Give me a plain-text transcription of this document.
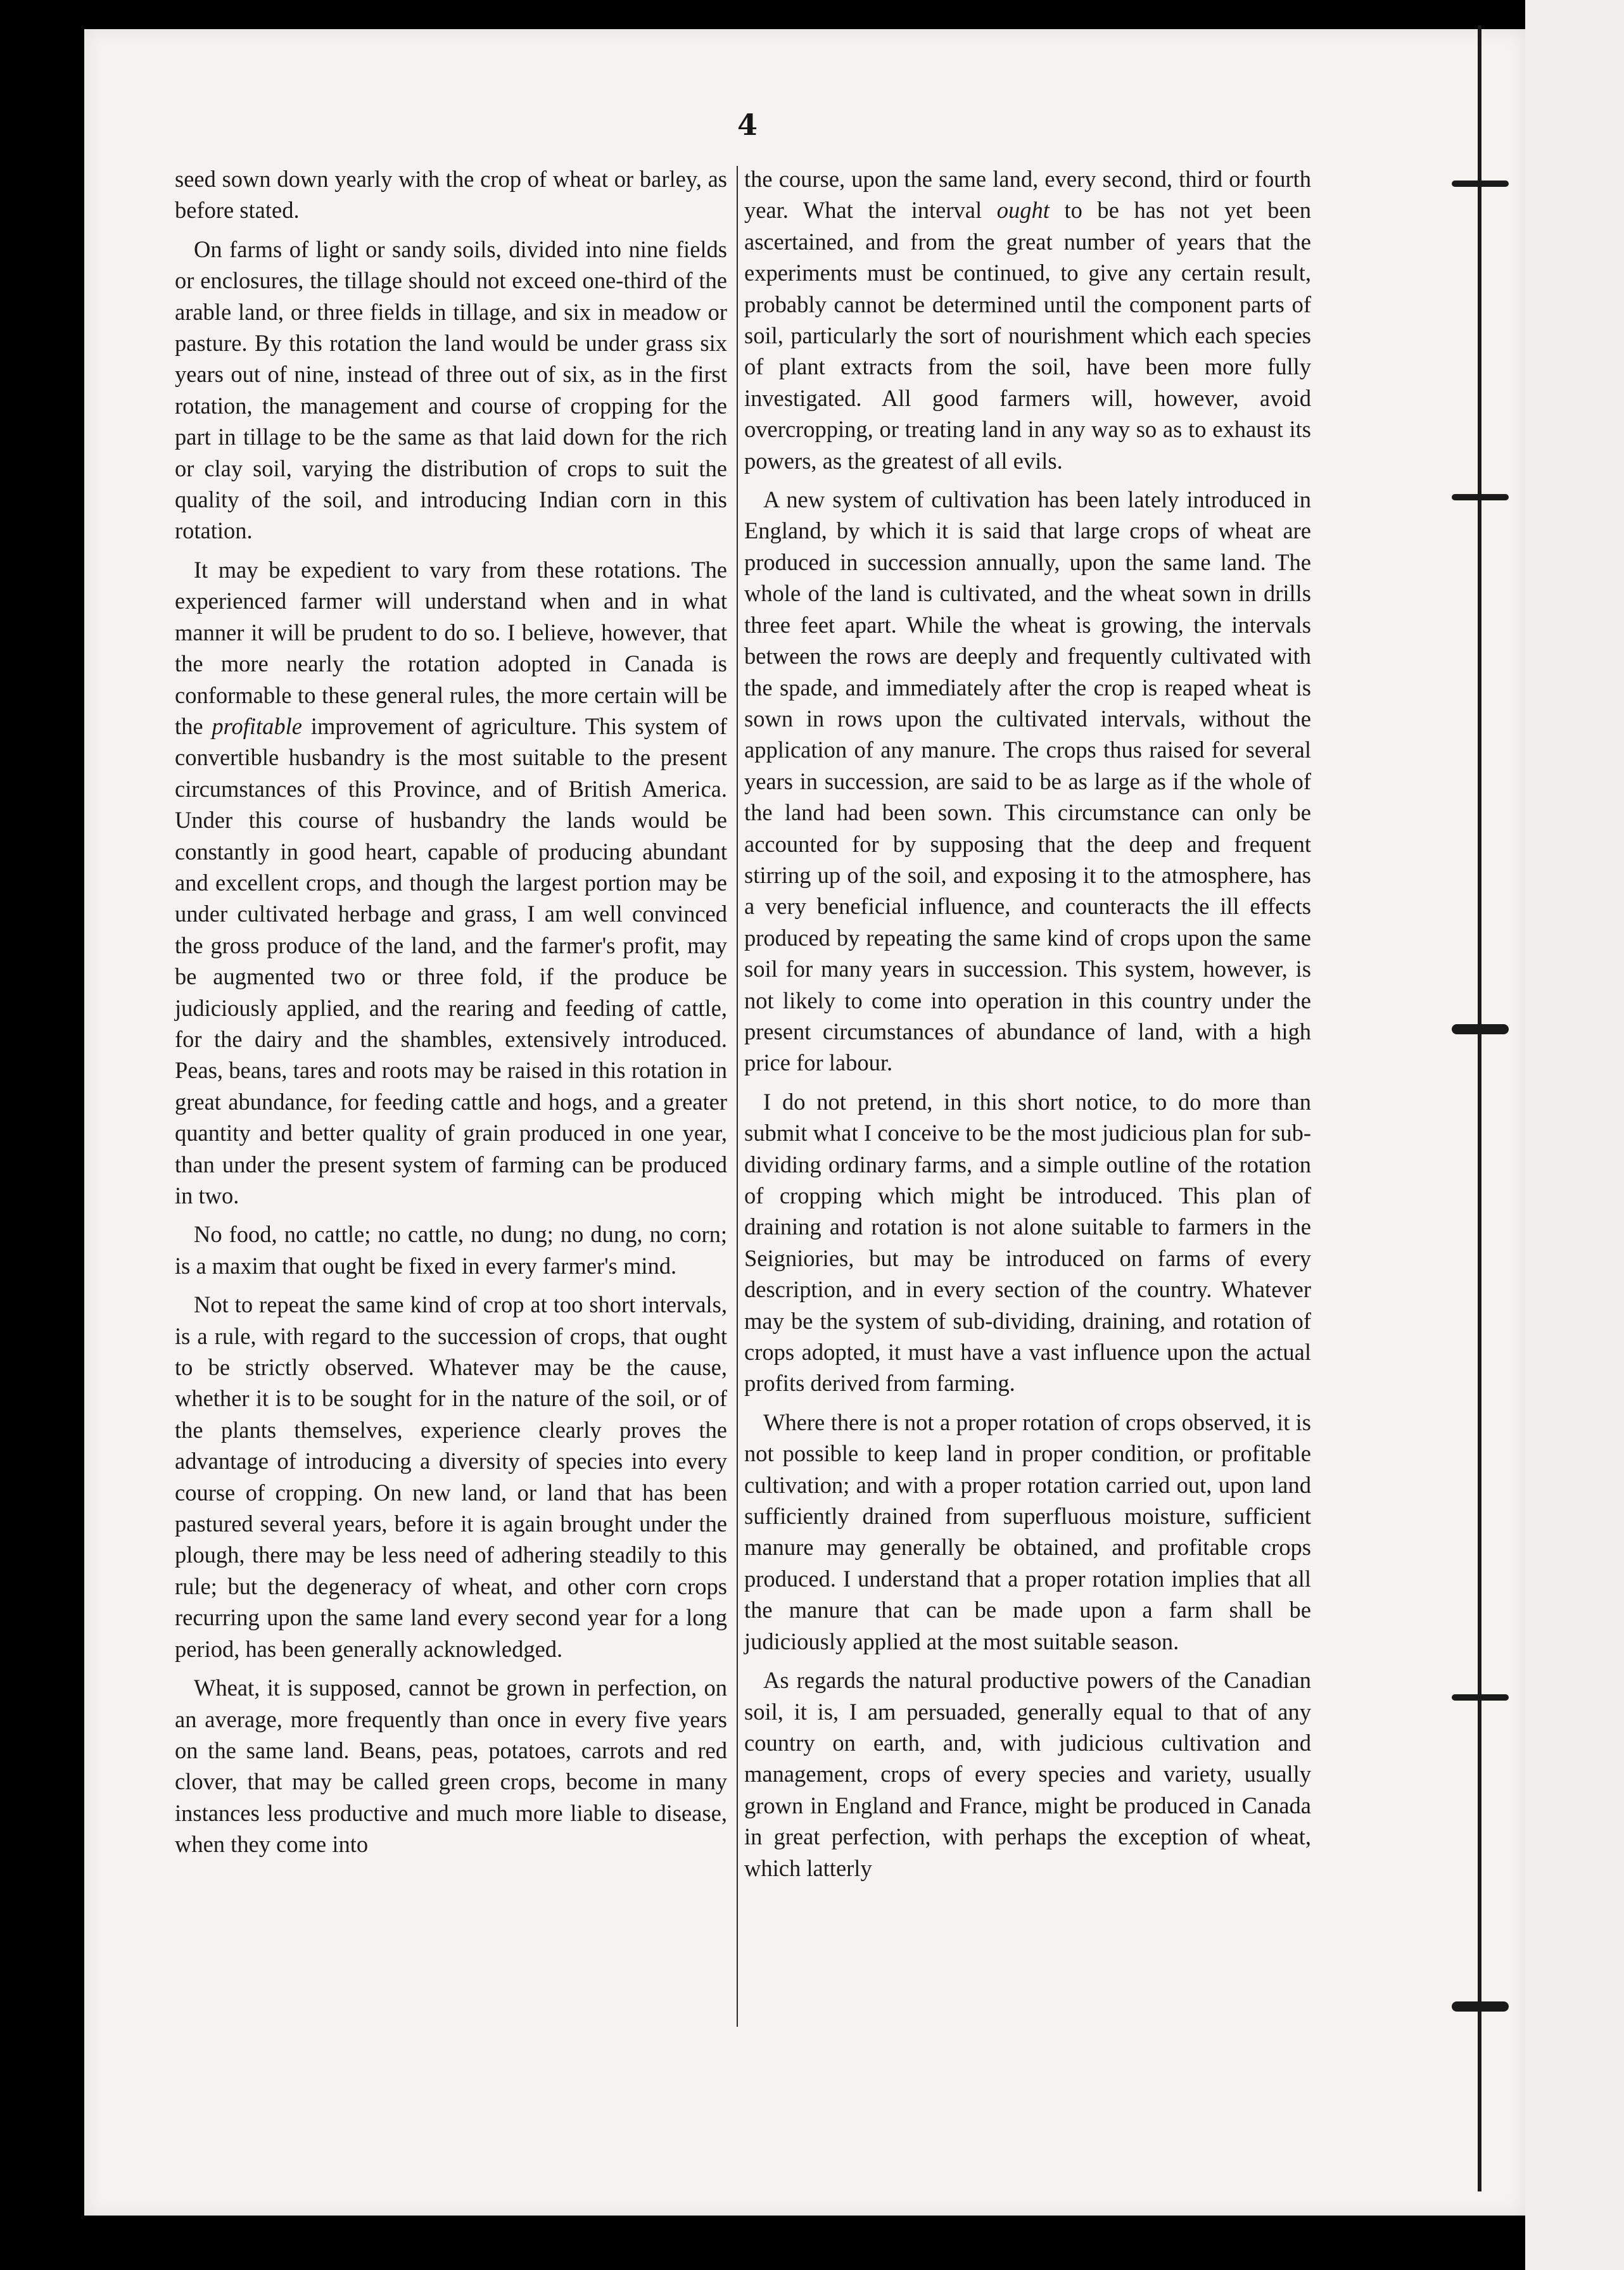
4

seed sown down yearly with the crop of wheat or barley, as before stated.

On farms of light or sandy soils, divided into nine fields or enclosures, the tillage should not exceed one-third of the arable land, or three fields in tillage, and six in meadow or pasture. By this rotation the land would be under grass six years out of nine, instead of three out of six, as in the first rotation, the management and course of cropping for the part in tillage to be the same as that laid down for the rich or clay soil, varying the distribution of crops to suit the quality of the soil, and introducing Indian corn in this rotation.

It may be expedient to vary from these rotations. The experienced farmer will understand when and in what manner it will be prudent to do so. I believe, however, that the more nearly the rotation adopted in Canada is conformable to these general rules, the more certain will be the profitable improvement of agriculture. This system of convertible husbandry is the most suitable to the present circumstances of this Province, and of British America. Under this course of husbandry the lands would be constantly in good heart, capable of producing abundant and excellent crops, and though the largest portion may be under cultivated herbage and grass, I am well convinced the gross produce of the land, and the farmer's profit, may be augmented two or three fold, if the produce be judiciously applied, and the rearing and feeding of cattle, for the dairy and the shambles, extensively introduced. Peas, beans, tares and roots may be raised in this rotation in great abundance, for feeding cattle and hogs, and a greater quantity and better quality of grain produced in one year, than under the present system of farming can be produced in two.

No food, no cattle; no cattle, no dung; no dung, no corn; is a maxim that ought be fixed in every farmer's mind.

Not to repeat the same kind of crop at too short intervals, is a rule, with regard to the succession of crops, that ought to be strictly observed. Whatever may be the cause, whether it is to be sought for in the nature of the soil, or of the plants themselves, experience clearly proves the advantage of introducing a diversity of species into every course of cropping. On new land, or land that has been pastured several years, before it is again brought under the plough, there may be less need of adhering steadily to this rule; but the degeneracy of wheat, and other corn crops recurring upon the same land every second year for a long period, has been generally acknowledged.

Wheat, it is supposed, cannot be grown in perfection, on an average, more frequently than once in every five years on the same land. Beans, peas, potatoes, carrots and red clover, that may be called green crops, become in many instances less productive and much more liable to disease, when they come into

the course, upon the same land, every second, third or fourth year. What the interval ought to be has not yet been ascertained, and from the great number of years that the experiments must be continued, to give any certain result, probably cannot be determined until the component parts of soil, particularly the sort of nourishment which each species of plant extracts from the soil, have been more fully investigated. All good farmers will, however, avoid overcropping, or treating land in any way so as to exhaust its powers, as the greatest of all evils.

A new system of cultivation has been lately introduced in England, by which it is said that large crops of wheat are produced in succession annually, upon the same land. The whole of the land is cultivated, and the wheat sown in drills three feet apart. While the wheat is growing, the intervals between the rows are deeply and frequently cultivated with the spade, and immediately after the crop is reaped wheat is sown in rows upon the cultivated intervals, without the application of any manure. The crops thus raised for several years in succession, are said to be as large as if the whole of the land had been sown. This circumstance can only be accounted for by supposing that the deep and frequent stirring up of the soil, and exposing it to the atmosphere, has a very beneficial influence, and counteracts the ill effects produced by repeating the same kind of crops upon the same soil for many years in succession. This system, however, is not likely to come into operation in this country under the present circumstances of abundance of land, with a high price for labour.

I do not pretend, in this short notice, to do more than submit what I conceive to be the most judicious plan for sub-dividing ordinary farms, and a simple outline of the rotation of cropping which might be introduced. This plan of draining and rotation is not alone suitable to farmers in the Seigniories, but may be introduced on farms of every description, and in every section of the country. Whatever may be the system of sub-dividing, draining, and rotation of crops adopted, it must have a vast influence upon the actual profits derived from farming.

Where there is not a proper rotation of crops observed, it is not possible to keep land in proper condition, or profitable cultivation; and with a proper rotation carried out, upon land sufficiently drained from superfluous moisture, sufficient manure may generally be obtained, and profitable crops produced. I understand that a proper rotation implies that all the manure that can be made upon a farm shall be judiciously applied at the most suitable season.

As regards the natural productive powers of the Canadian soil, it is, I am persuaded, generally equal to that of any country on earth, and, with judicious cultivation and management, crops of every species and variety, usually grown in England and France, might be produced in Canada in great perfection, with perhaps the exception of wheat, which latterly
